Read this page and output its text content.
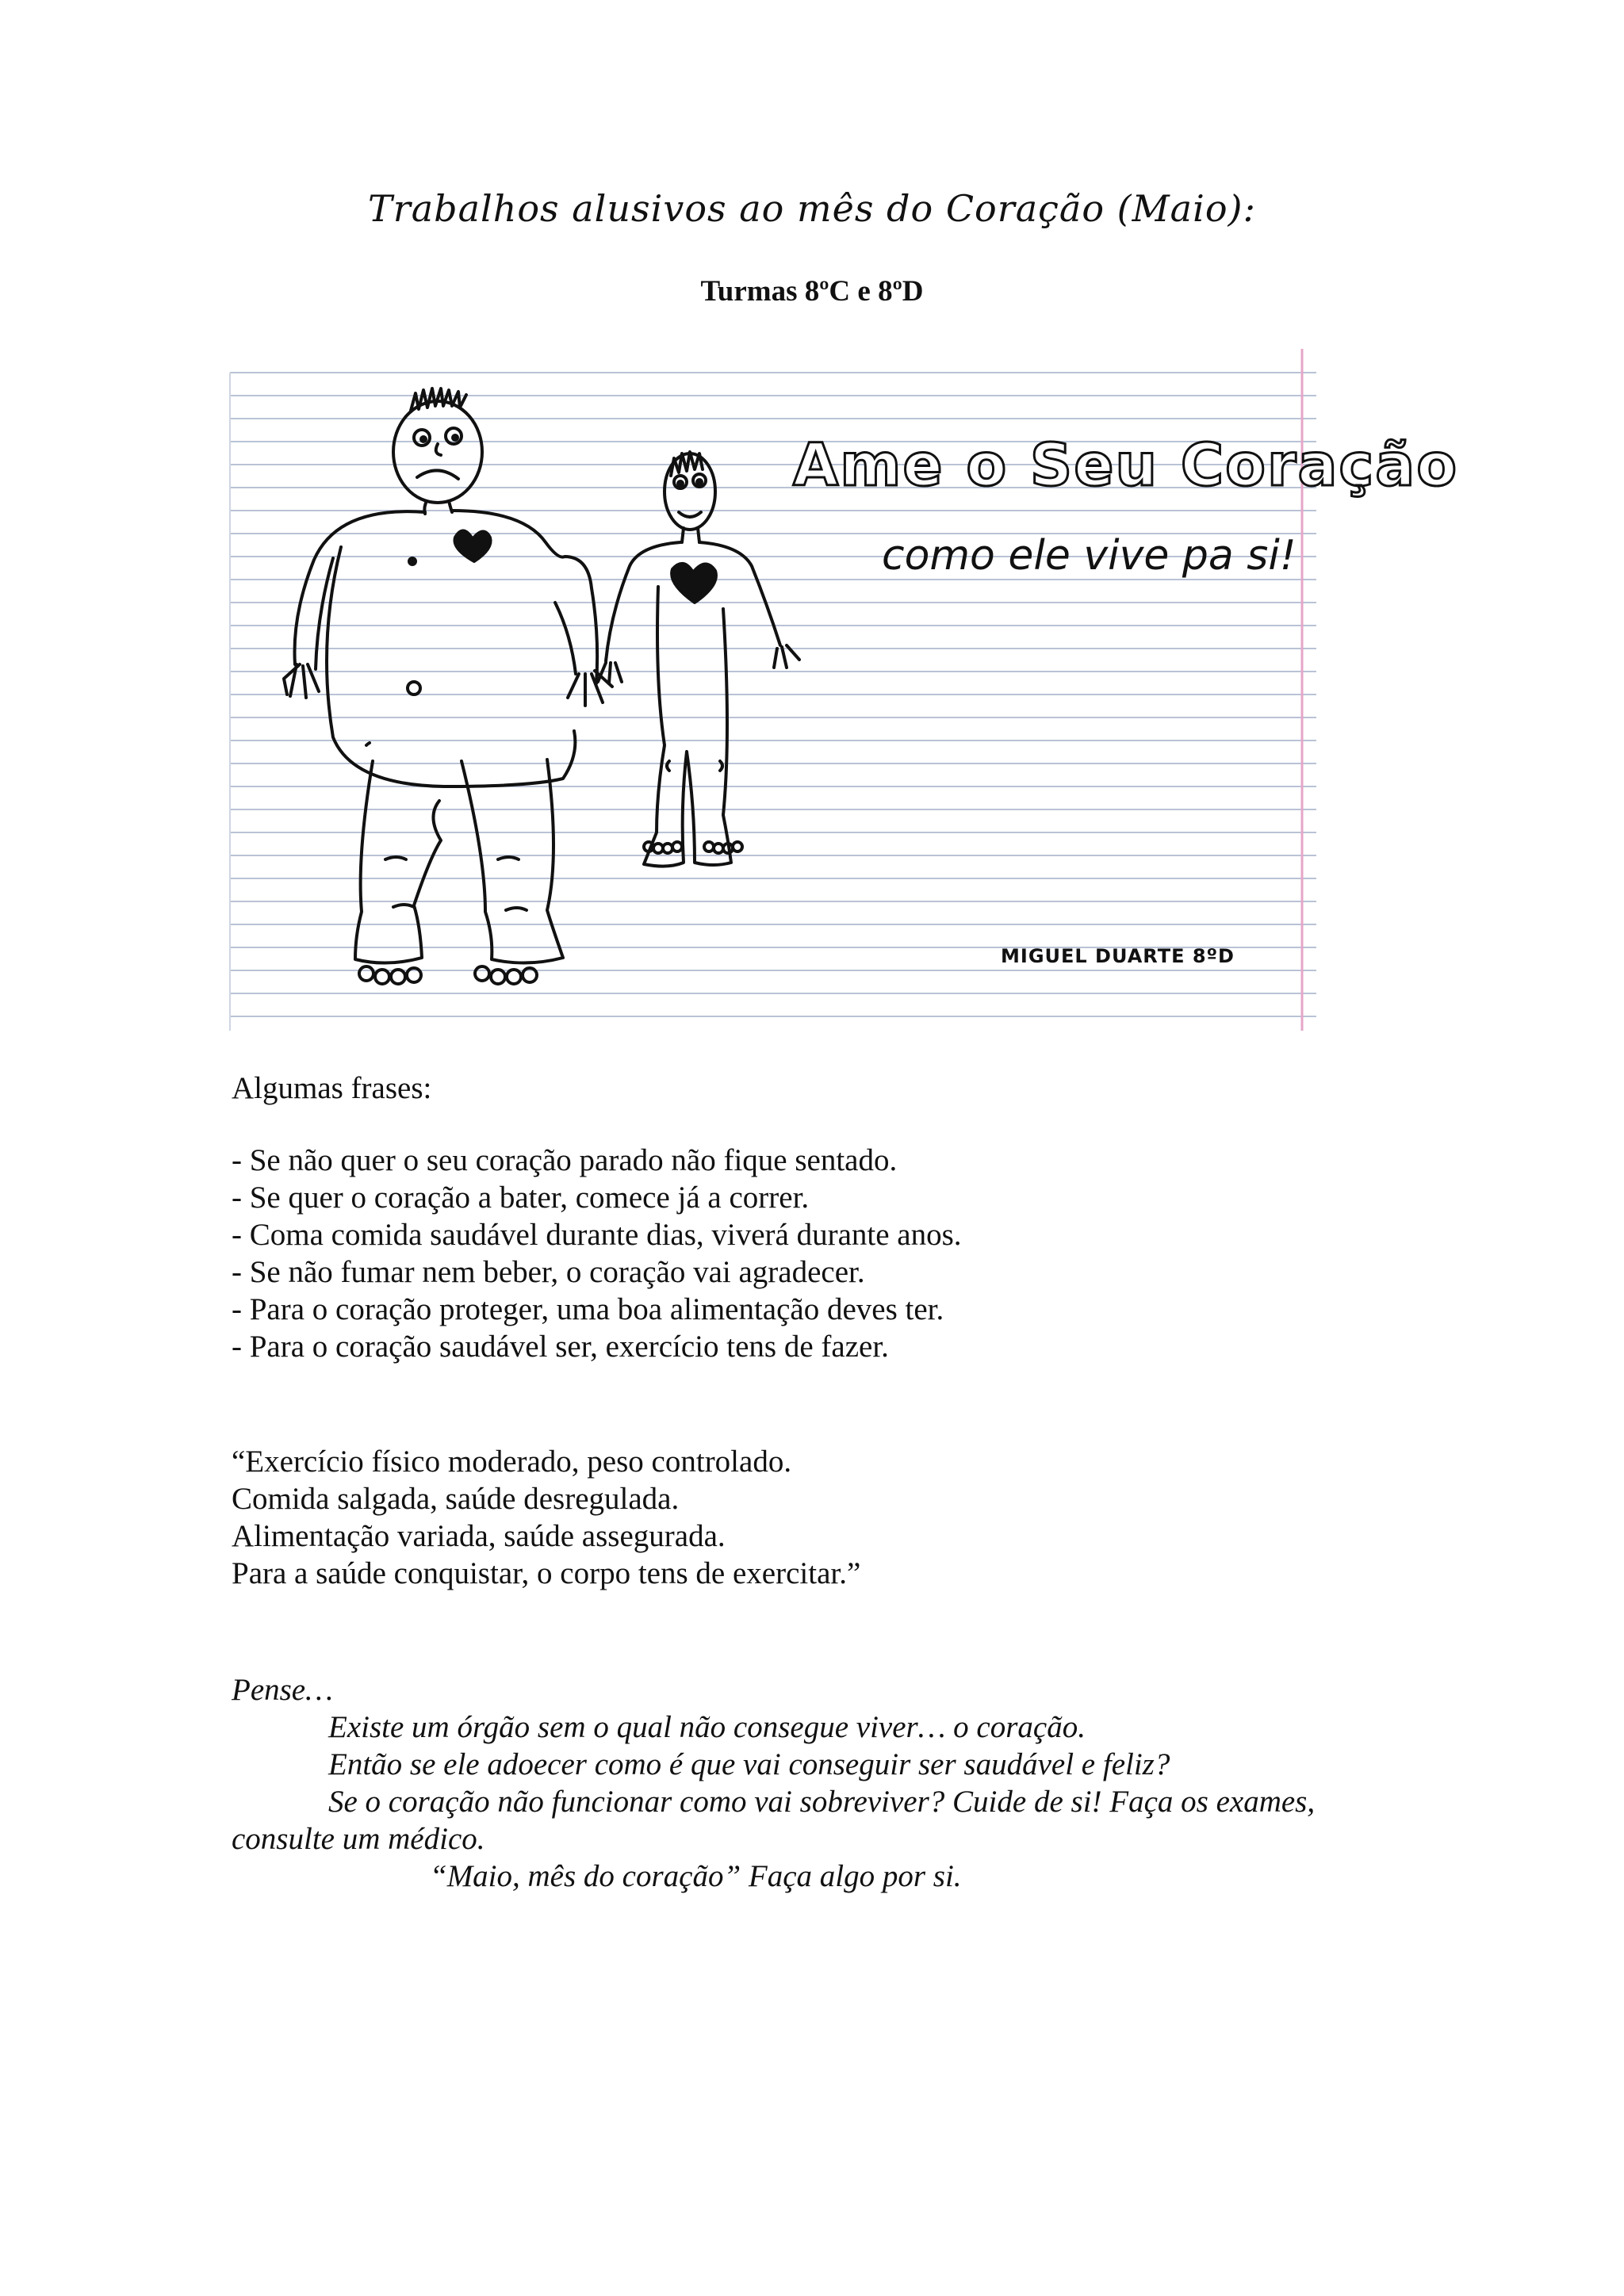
Trabalhos alusivos ao mês do Coração (Maio):
Turmas 8ºC e 8ºD
Ame o Seu Coração
como ele vive pa si!
MIGUEL DUARTE 8ºD
Algumas frases:
- Se não quer o seu coração parado não fique sentado.
- Se quer o coração a bater, comece já a correr.
- Coma comida saudável durante dias, viverá durante anos.
- Se não fumar nem beber, o coração vai agradecer.
- Para o coração proteger, uma boa alimentação deves ter.
- Para o coração saudável ser, exercício tens de fazer.
“Exercício físico moderado, peso controlado.
Comida salgada, saúde desregulada.
Alimentação variada, saúde assegurada.
Para a saúde conquistar, o corpo tens de exercitar.”
Pense…
Existe um órgão sem o qual não consegue viver… o coração.
Então se ele adoecer como é que vai conseguir ser saudável e feliz?
Se o coração não funcionar como vai sobreviver? Cuide de si! Faça os exames, consulte um médico.
“Maio, mês do coração” Faça algo por si.
